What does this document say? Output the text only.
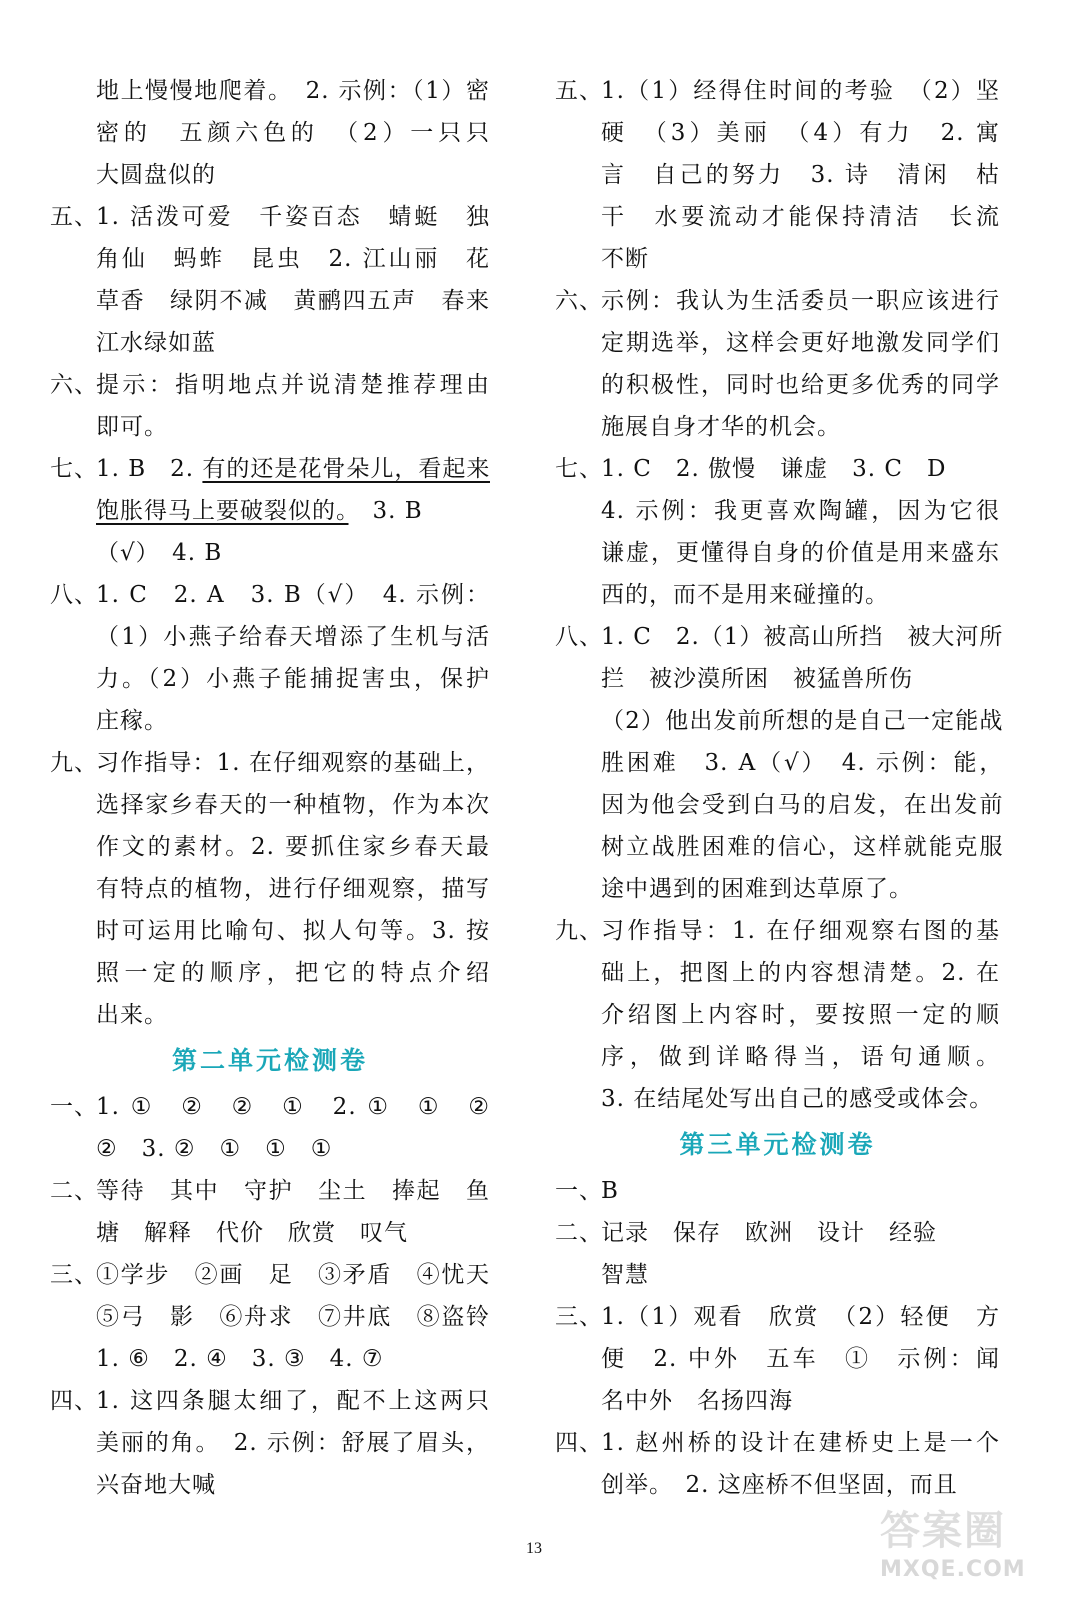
地上慢慢地爬着。　2. 示例：（1）密
密的　五颜六色的　（2）一只只
大圆盘似的
五、
1. 活泼可爱　千姿百态　蜻蜓　独
角仙　蚂蚱　昆虫　2. 江山丽　花
草香　绿阴不减　黄鹂四五声　春来
江水绿如蓝
六、
提示：指明地点并说清楚推荐理由
即可。
七、
1. B　2. 有的还是花骨朵儿，看起来
饱胀得马上要破裂似的。　3. B
（√）　4. B
八、
1. C　2. A　3. B（√）　4. 示例：
（1）小燕子给春天增添了生机与活
力。（2）小燕子能捕捉害虫，保护
庄稼。
九、
习作指导：1. 在仔细观察的基础上，
选择家乡春天的一种植物，作为本次
作文的素材。2. 要抓住家乡春天最
有特点的植物，进行仔细观察，描写
时可运用比喻句、拟人句等。3. 按
照一定的顺序，把它的特点介绍
出来。
第二单元检测卷
一、
1. ①　②　②　①　2. ①　①　②
②　3. ②　①　①　①
二、
等待　其中　守护　尘土　捧起　鱼
塘　解释　代价　欣赏　叹气
三、
①学步　②画　足　③矛盾　④忧天
⑤弓　影　⑥舟求　⑦井底　⑧盗铃
1. ⑥　2. ④　3. ③　4. ⑦
四、
1. 这四条腿太细了，配不上这两只
美丽的角。　2. 示例：舒展了眉头，
兴奋地大喊
五、
1.（1）经得住时间的考验　（2）坚
硬　（3）美丽　（4）有力　2. 寓
言　自己的努力　3. 诗　清闲　枯
干　水要流动才能保持清洁　长流
不断
六、
示例：我认为生活委员一职应该进行
定期选举，这样会更好地激发同学们
的积极性，同时也给更多优秀的同学
施展自身才华的机会。
七、
1. C　2. 傲慢　谦虚　3. C　D
4. 示例：我更喜欢陶罐，因为它很
谦虚，更懂得自身的价值是用来盛东
西的，而不是用来碰撞的。
八、
1. C　2.（1）被高山所挡　被大河所
拦　被沙漠所困　被猛兽所伤
（2）他出发前所想的是自己一定能战
胜困难　3. A（√）　4. 示例：能，
因为他会受到白马的启发，在出发前
树立战胜困难的信心，这样就能克服
途中遇到的困难到达草原了。
九、
习作指导：1. 在仔细观察右图的基
础上，把图上的内容想清楚。2. 在
介绍图上内容时，要按照一定的顺
序，做到详略得当，语句通顺。
3. 在结尾处写出自己的感受或体会。
第三单元检测卷
一、
B
二、
记录　保存　欧洲　设计　经验
智慧
三、
1.（1）观看　欣赏　（2）轻便　方
便　2. 中外　五车　①　示例：闻
名中外　名扬四海
四、
1. 赵州桥的设计在建桥史上是一个
创举。　2. 这座桥不但坚固，而且
13	答案圈
MXQE.COM
